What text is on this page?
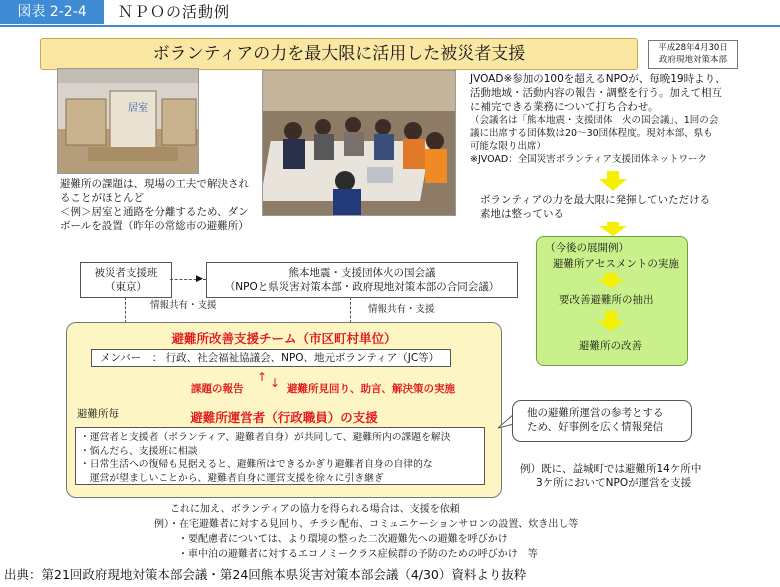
図表 2-2-4	ＮＰＯの活動例
ボランティアの力を最大限に活用した被災者支援	平成28年4月30日
政府現地対策本部
居室
避難所の課題は、現場の工夫で解決され
ることがほとんど
＜例＞居室と通路を分離するため、ダン
ボールを設置（昨年の常総市の避難所）
JVOAD※参加の100を超えるNPOが、毎晩19時より、
活動地域・活動内容の報告・調整を行う。加えて相互
に補完できる業務について打ち合わせ。
（会議名は「熊本地震・支援団体　火の国会議」、1回の会
議に出席する団体数は20～30団体程度。現対本部、県も
可能な限り出席）
※JVOAD：全国災害ボランティア支援団体ネットワーク
ボランティアの力を最大限に発揮していただける
素地は整っている
（今後の展開例）
避難所アセスメントの実施
要改善避難所の抽出
避難所の改善
被災者支援班
（東京）
▶	熊本地震・支援団体火の国会議
（NPOと県災害対策本部・政府現地対策本部の合同会議）
情報共有・支援	情報共有・支援
避難所改善支援チーム（市区町村単位）
メンバー　： 行政、社会福祉協議会、NPO、地元ボランティア（JC等）
課題の報告
↑ ↓ 避難所見回り、助言、解決策の実施
避難所毎	避難所運営者（行政職員）の支援
・運営者と支援者（ボランティア、避難者自身）が共同して、避難所内の課題を解決
・悩んだら、支援班に相談
・日常生活への復帰も見据えると、避難所はできるかぎり避難者自身の自律的な
　運営が望ましいことから、避難者自身に運営支援を徐々に引き継ぎ
他の避難所運営の参考とする
ため、好事例を広く情報発信
例）既に、益城町では避難所14ケ所中
3ケ所においてNPOが運営を支援
これに加え、ボランティアの協力を得られる場合は、支援を依頼
例）・在宅避難者に対する見回り、チラシ配布、コミュニケーションサロンの設置、炊き出し等
・要配慮者については、より環境の整った二次避難先への避難を呼びかけ
・車中泊の避難者に対するエコノミークラス症候群の予防のための呼びかけ　等
出典：第21回政府現地対策本部会議・第24回熊本県災害対策本部会議（4/30）資料より抜粋
